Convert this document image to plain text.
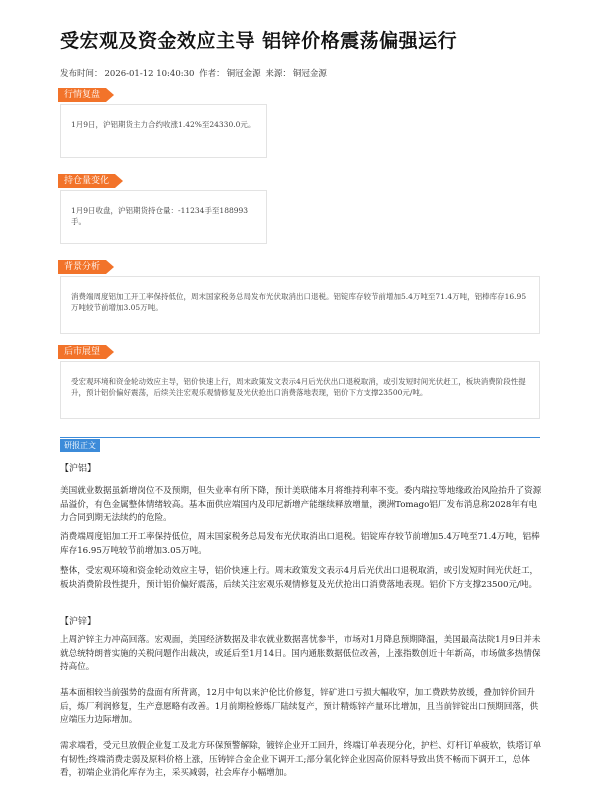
受宏观及资金效应主导 铝锌价格震荡偏强运行
发布时间： 2026-01-12 10:40:30 作者： 铜冠金源 来源： 铜冠金源
行情复盘

1月9日，沪铝期货主力合约收涨1.42%至24330.0元。

持仓量变化

1月9日收盘，沪铝期货持仓量：-11234手至188993手。

背景分析

消费端周度铝加工开工率保持低位，周末国家税务总局发布光伏取消出口退税。铝锭库存较节前增加5.4万吨至71.4万吨，铝棒库存16.95万吨较节前增加3.05万吨。

后市展望

受宏观环境和资金轮动效应主导，铝价快速上行，周末政策发文表示4月后光伏出口退税取消，或引发短时间光伏赶工，板块消费阶段性提升，预计铝价偏好震荡，后续关注宏观乐观情修复及光伏抢出口消费落地表现，铝价下方支撑23500元/吨。

研报正文
【沪铝】

美国就业数据虽新增岗位不及预期，但失业率有所下降，预计美联储本月将维持利率不变。委内瑞拉等地缘政治风险抬升了资源品溢价，有色金属整体情绪较高。基本面供应端国内及印尼新增产能继续释放增量，澳洲Tomago铝厂发布消息称2028年有电力合同到期无法续约的危险。

消费端周度铝加工开工率保持低位，周末国家税务总局发布光伏取消出口退税。铝锭库存较节前增加5.4万吨至71.4万吨，铝棒库存16.95万吨较节前增加3.05万吨。

整体，受宏观环境和资金轮动效应主导，铝价快速上行。周末政策发文表示4月后光伏出口退税取消，或引发短时间光伏赶工，板块消费阶段性提升，预计铝价偏好震荡，后续关注宏观乐观情修复及光伏抢出口消费落地表现。铝价下方支撑23500元/吨。

【沪锌】

上周沪锌主力冲高回落。宏观面，美国经济数据及非农就业数据喜忧参半，市场对1月降息预期降温，美国最高法院1月9日并未就总统特朗普实施的关税问题作出裁决，或延后至1月14日。国内通胀数据低位改善，上涨指数创近十年新高，市场做多热情保持高位。

基本面相较当前强势的盘面有所背离，12月中旬以来沪伦比价修复，锌矿进口亏损大幅收窄，加工费跌势放缓，叠加锌价回升后，炼厂利润修复，生产意愿略有改善。1月前期检修炼厂陆续复产，预计精炼锌产量环比增加，且当前锌锭出口预期回落，供应端压力边际增加。

需求端看，受元旦放假企业复工及北方环保预警解除，镀锌企业开工回升，终端订单表现分化，护栏、灯杆订单疲软，铁塔订单有韧性;终端消费走弱及原料价格上涨，压铸锌合金企业下调开工;部分氧化锌企业因高价原料导致出货不畅而下调开工，总体看，初端企业消化库存为主，采买减弱，社会库存小幅增加。
